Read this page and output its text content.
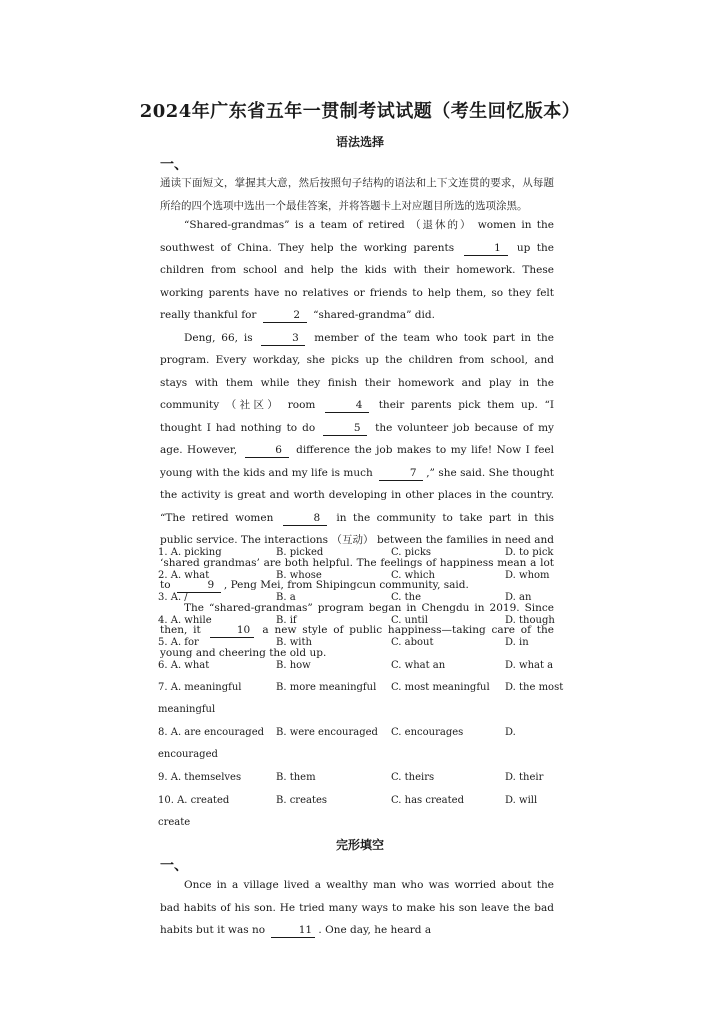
2024年广东省五年一贯制考试试题（考生回忆版本）
语法选择
一、

通读下面短文，掌握其大意，然后按照句子结构的语法和上下文连贯的要求，从每题所给的四个选项中选出一个最佳答案，并将答题卡上对应题目所选的选项涂黑。

“Shared-grandmas” is a team of retired （退休的） women in the southwest of China. They help the working parents	1 up the children from school and help the kids with their homework. These working parents have no relatives or friends to help them, so they felt really thankful for	2 “shared-grandma” did.

Deng, 66, is	3 member of the team who took part in the program. Every workday, she picks up the children from school, and stays with them while they finish their homework and play in the community （社区） room	4 their parents pick them up. “I thought I had nothing to do	5 the volunteer job because of my age. However,	6 difference the job makes to my life! Now I feel young with the kids and my life is much	7 ,” she said. She thought the activity is great and worth developing in other places in the country. “The retired women	8 in the community to take part in this public service. The interactions （互动） between the families in need and ‘shared grandmas’ are both helpful. The feelings of happiness mean a lot to	9 , Peng Mei, from Shipingcun community, said.

The “shared-grandmas” program began in Chengdu in 2019. Since then, it	10 a new style of public happiness—taking care of the young and cheering the old up.

1. A. picking	B. picked	C. picks	D. to pick
2. A. what	B. whose	C. which	D. whom
3. A. /	B. a	C. the	D. an
4. A. while	B. if	C. until	D. though
5. A. for	B. with	C. about	D. in
6. A. what	B. how	C. what an	D. what a
7. A. meaningful	B. more meaningful C. most meaningful D. the most
meaningful
8. A. are encouraged B. were encouraged C. encourages	D.
encouraged
9. A. themselves	B. them	C. theirs	D. their
10. A. created	B. creates	C. has created	D. will
create
完形填空
一、

Once in a village lived a wealthy man who was worried about the bad habits of his son. He tried many ways to make his son leave the bad habits but it was no	11 . One day, he heard a
